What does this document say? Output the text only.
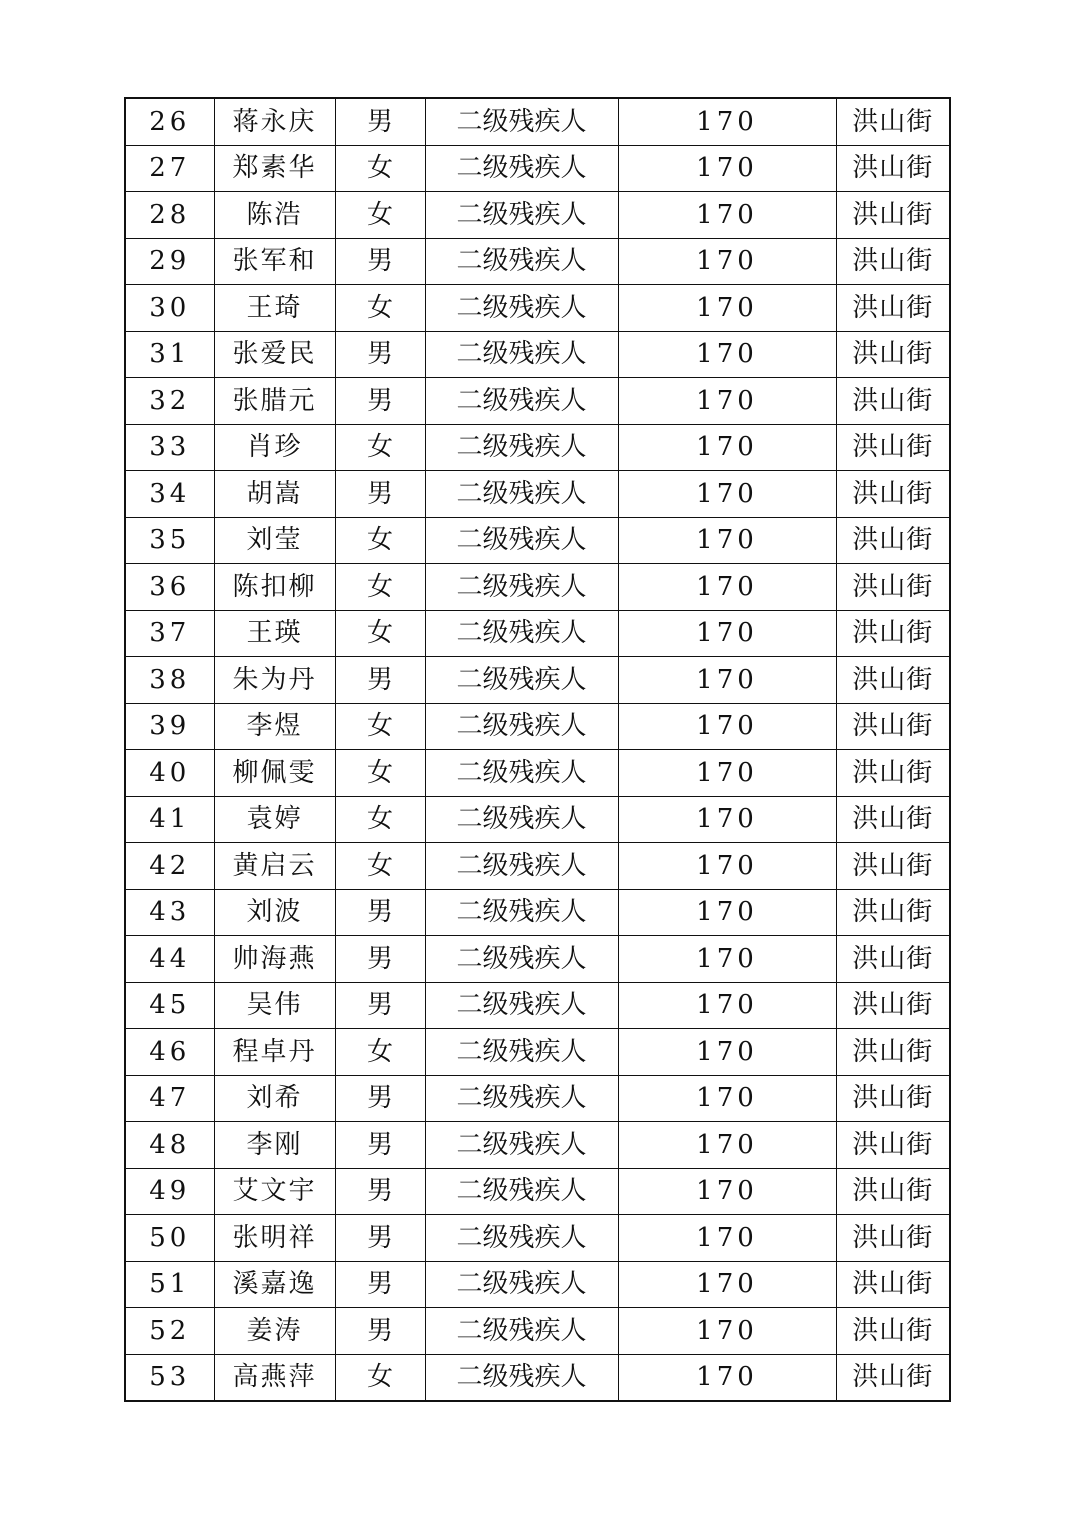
26	蒋永庆	男	二级残疾人	170	洪山街
27	郑素华	女	二级残疾人	170	洪山街
28	陈浩	女	二级残疾人	170	洪山街
29	张军和	男	二级残疾人	170	洪山街
30	王琦	女	二级残疾人	170	洪山街
31	张爱民	男	二级残疾人	170	洪山街
32	张腊元	男	二级残疾人	170	洪山街
33	肖珍	女	二级残疾人	170	洪山街
34	胡嵩	男	二级残疾人	170	洪山街
35	刘莹	女	二级残疾人	170	洪山街
36	陈扣柳	女	二级残疾人	170	洪山街
37	王瑛	女	二级残疾人	170	洪山街
38	朱为丹	男	二级残疾人	170	洪山街
39	李煜	女	二级残疾人	170	洪山街
40	柳佩雯	女	二级残疾人	170	洪山街
41	袁婷	女	二级残疾人	170	洪山街
42	黄启云	女	二级残疾人	170	洪山街
43	刘波	男	二级残疾人	170	洪山街
44	帅海燕	男	二级残疾人	170	洪山街
45	吴伟	男	二级残疾人	170	洪山街
46	程卓丹	女	二级残疾人	170	洪山街
47	刘希	男	二级残疾人	170	洪山街
48	李刚	男	二级残疾人	170	洪山街
49	艾文宇	男	二级残疾人	170	洪山街
50	张明祥	男	二级残疾人	170	洪山街
51	溪嘉逸	男	二级残疾人	170	洪山街
52	姜涛	男	二级残疾人	170	洪山街
53	高燕萍	女	二级残疾人	170	洪山街
